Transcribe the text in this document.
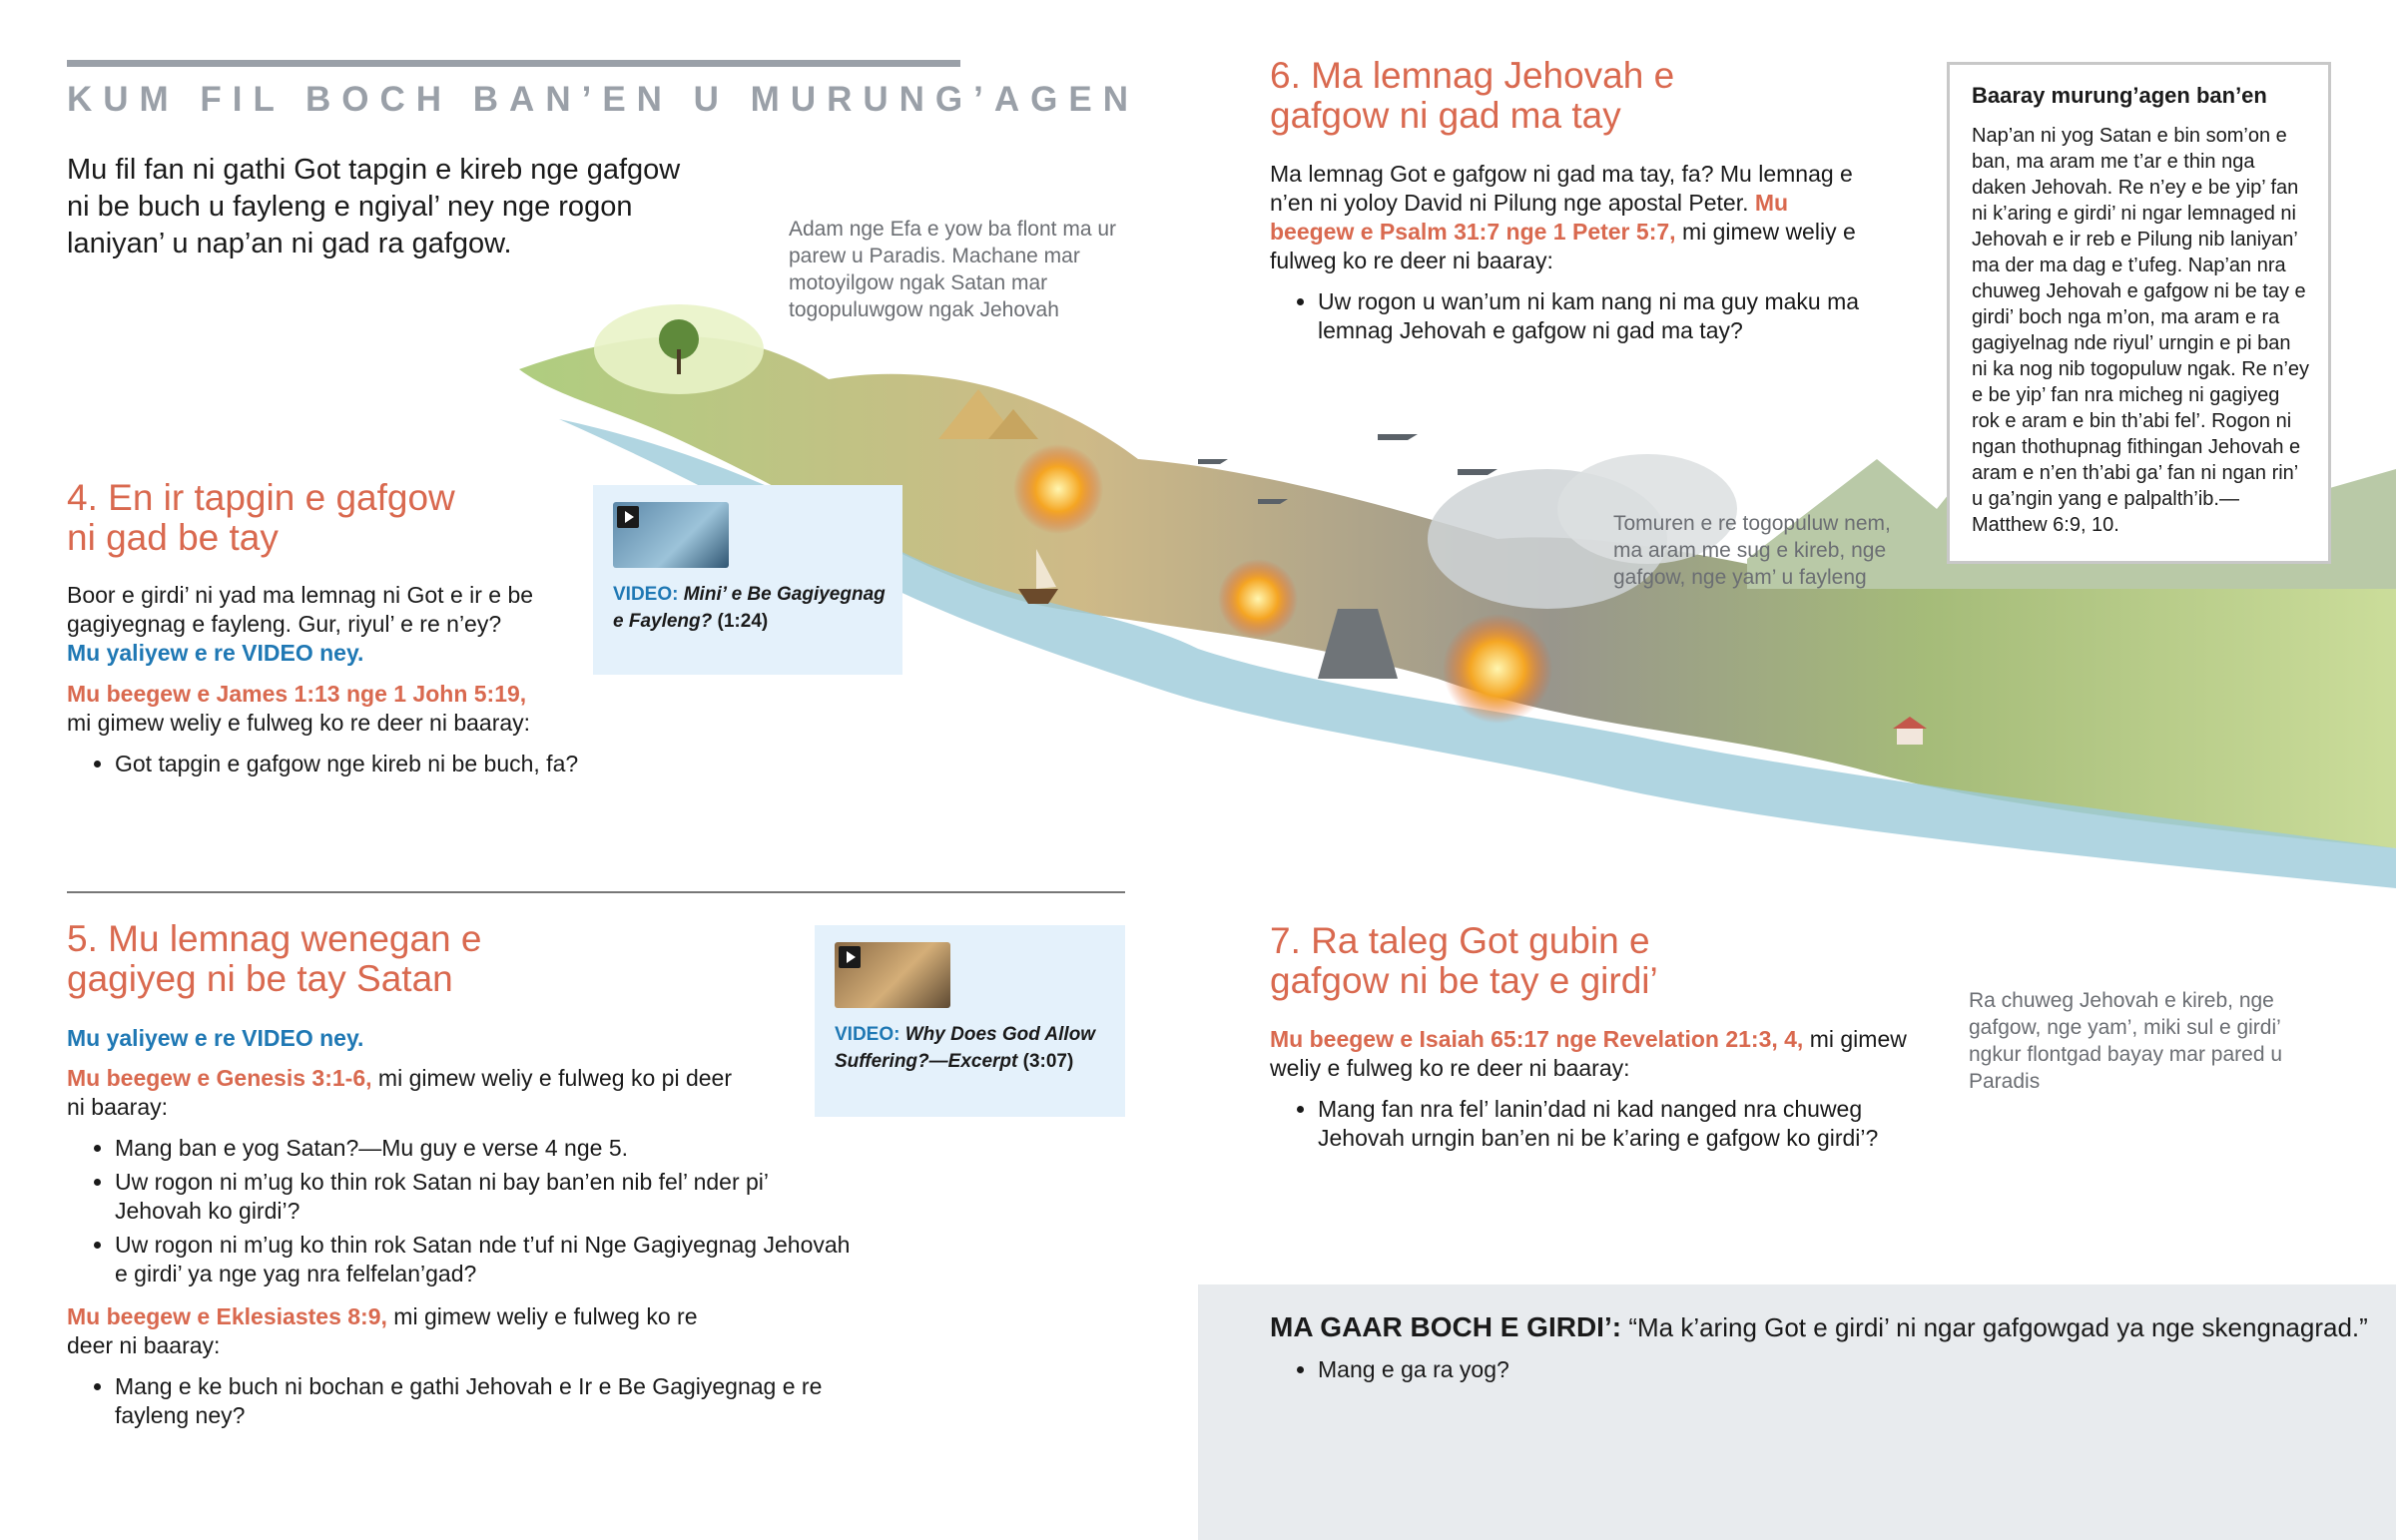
KUM FIL BOCH BAN’EN U MURUNG’AGEN
Mu fil fan ni gathi Got tapgin e kireb nge gafgow ni be buch u fayleng e ngiyal’ ney nge rogon laniyan’ u nap’an ni gad ra gafgow.	Adam nge Efa e yow ba flont ma ur parew u Paradis. Machane mar motoyilgow ngak Satan mar togopuluwgow ngak Jehovah
Tomuren e re togopuluw nem, ma aram me sug e kireb, nge gafgow, nge yam’ u fayleng
Ra chuweg Jehovah e kireb, nge gafgow, nge yam’, miki sul e girdi’ ngkur flontgad bayay mar pared u Paradis
4. En ir tapgin e gafgow
ni gad be tay
Boor e girdi’ ni yad ma lemnag ni Got e ir e be gagiyegnag e fayleng. Gur, riyul’ e re n’ey?
Mu yaliyew e re VIDEO ney.
Mu beegew e James 1:13 nge 1 John 5:19,
mi gimew weliy e fulweg ko re deer ni baaray:
• Got tapgin e gafgow nge kireb ni be buch, fa?
VIDEO: Mini’ e Be Gagiyegnag e Fayleng? (1:24)
5. Mu lemnag wenegan e
gagiyeg ni be tay Satan
Mu yaliyew e re VIDEO ney.
Mu beegew e Genesis 3:1-6, mi gimew weliy e fulweg ko pi deer ni baaray:
• Mang ban e yog Satan?—Mu guy e verse 4 nge 5.
• Uw rogon ni m’ug ko thin rok Satan ni bay ban’en nib fel’ nder pi’ Jehovah ko girdi’?
• Uw rogon ni m’ug ko thin rok Satan nde t’uf ni Nge Gagiyegnag Jehovah e girdi’ ya nge yag nra felfelan’gad?
Mu beegew e Eklesiastes 8:9, mi gimew weliy e fulweg ko re deer ni baaray:
• Mang e ke buch ni bochan e gathi Jehovah e Ir e Be Gagiyegnag e re fayleng ney?
VIDEO: Why Does God Allow Suffering?—Excerpt (3:07)
6. Ma lemnag Jehovah e
gafgow ni gad ma tay
Ma lemnag Got e gafgow ni gad ma tay, fa? Mu lemnag e n’en ni yoloy David ni Pilung nge apostal Peter. Mu beegew e Psalm 31:7 nge 1 Peter 5:7, mi gimew weliy e fulweg ko re deer ni baaray:
• Uw rogon u wan’um ni kam nang ni ma guy maku ma lemnag Jehovah e gafgow ni gad ma tay?
Baaray murung’agen ban’en
Nap’an ni yog Satan e bin som’on e ban, ma aram me t’ar e thin nga daken Jehovah. Re n’ey e be yip’ fan ni k’aring e girdi’ ni ngar lemnaged ni Jehovah e ir reb e Pilung nib laniyan’ ma der ma dag e t’ufeg. Nap’an nra chuweg Jehovah e gafgow ni be tay e girdi’ boch nga m’on, ma aram e ra gagiyelnag nde riyul’ urngin e pi ban ni ka nog nib togopuluw ngak. Re n’ey e be yip’ fan nra micheg ni gagiyeg rok e aram e bin th’abi fel’. Rogon ni ngan thothupnag fithingan Jehovah e aram e n’en th’abi ga’ fan ni ngan rin’ u ga’ngin yang e palpalth’ib.—Matthew 6:9, 10.
7. Ra taleg Got gubin e
gafgow ni be tay e girdi’
Mu beegew e Isaiah 65:17 nge Revelation 21:3, 4, mi gimew weliy e fulweg ko re deer ni baaray:
• Mang fan nra fel’ lanin’dad ni kad nanged nra chuweg Jehovah urngin ban’en ni be k’aring e gafgow ko girdi’?
MA GAAR BOCH E GIRDI’: “Ma k’aring Got e girdi’ ni ngar gafgowgad ya nge skengnagrad.”
• Mang e ga ra yog?
